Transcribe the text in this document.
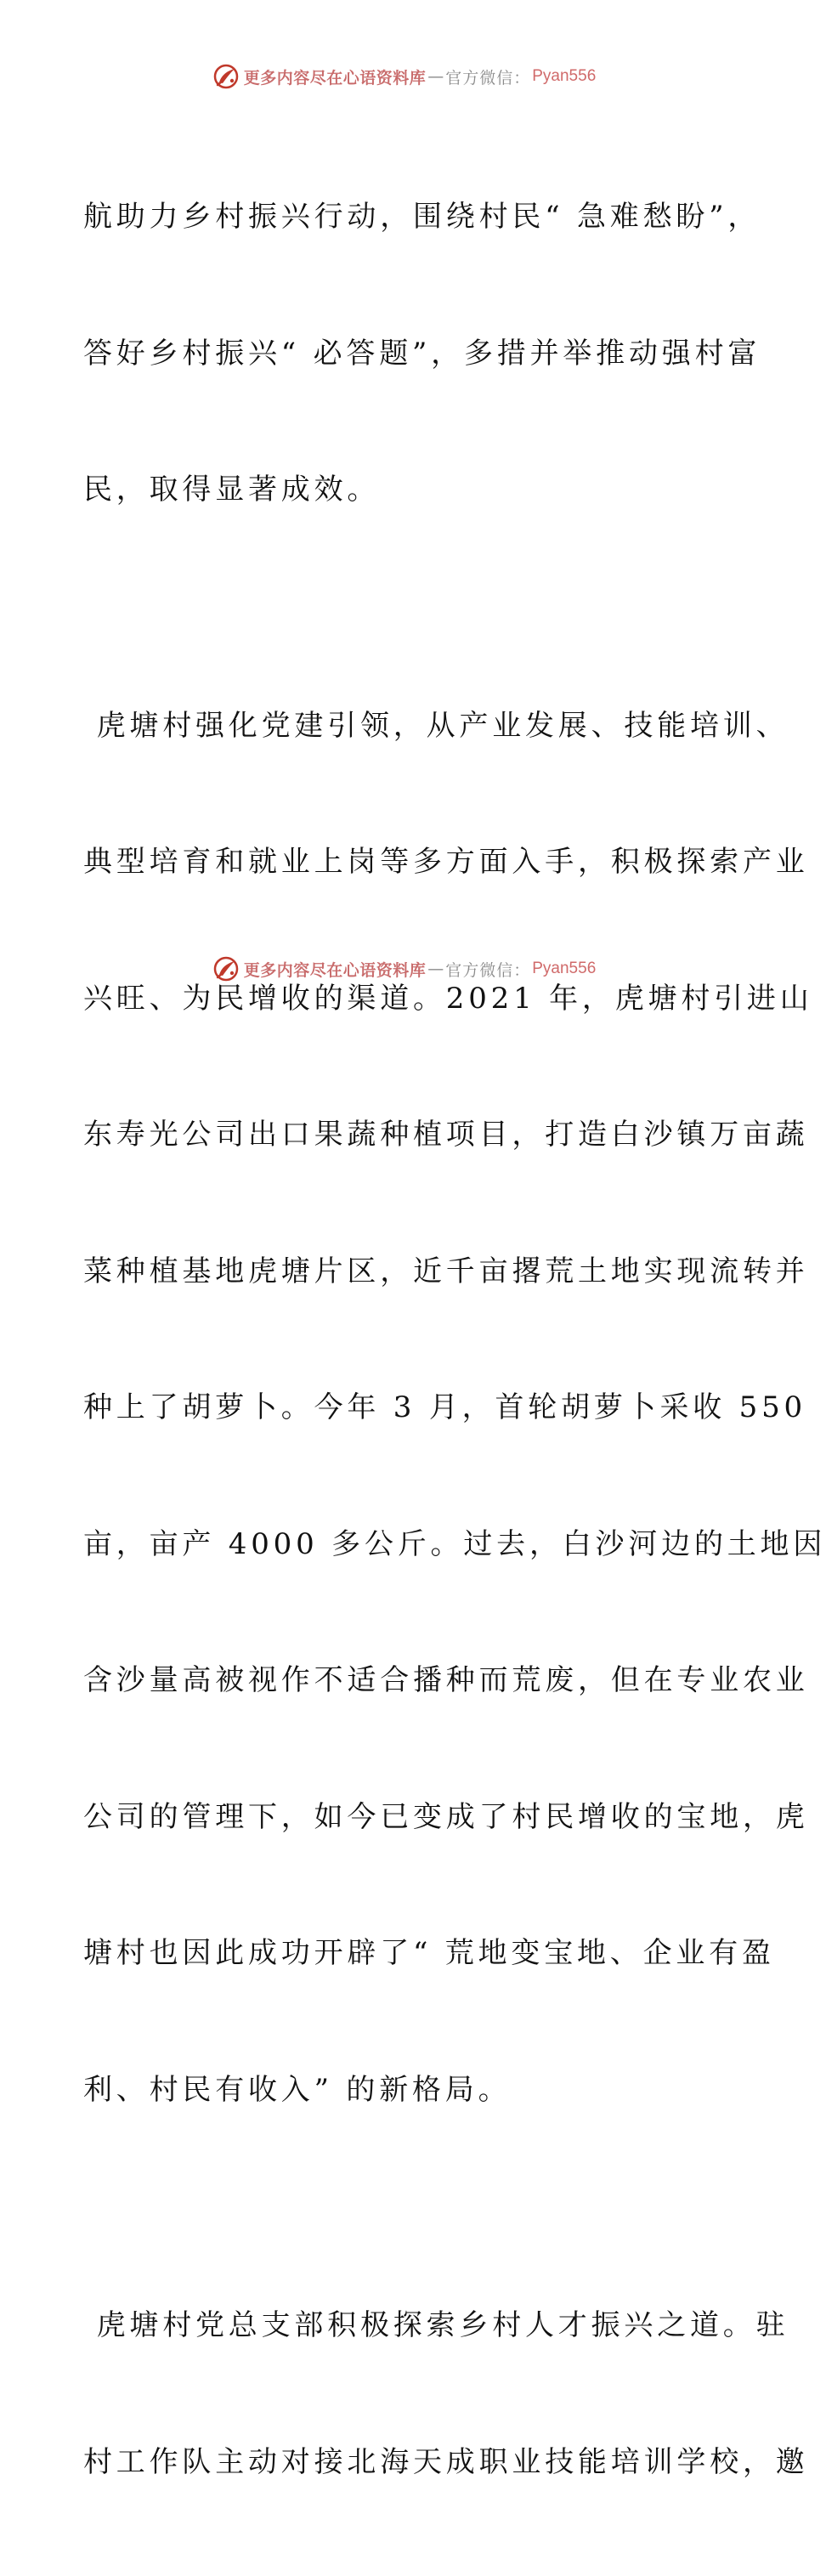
更多内容尽在心语资料库 — 官方微信： Pyan556

航助力乡村振兴行动，围绕村民“ 急难愁盼”，

答好乡村振兴“ 必答题”，多措并举推动强村富

民，取得显著成效。

虎塘村强化党建引领，从产业发展、技能培训、

典型培育和就业上岗等多方面入手，积极探索产业

兴旺、为民增收的渠道。2021 年，虎塘村引进山

东寿光公司出口果蔬种植项目，打造白沙镇万亩蔬

菜种植基地虎塘片区，近千亩撂荒土地实现流转并

种上了胡萝卜。今年 3 月，首轮胡萝卜采收 550

亩，亩产 4000 多公斤。过去，白沙河边的土地因

含沙量高被视作不适合播种而荒废，但在专业农业

公司的管理下，如今已变成了村民增收的宝地，虎

塘村也因此成功开辟了“ 荒地变宝地、企业有盈

利、村民有收入” 的新格局。

虎塘村党总支部积极探索乡村人才振兴之道。驻

村工作队主动对接北海天成职业技能培训学校，邀

更多内容尽在心语资料库 — 官方微信： Pyan556
